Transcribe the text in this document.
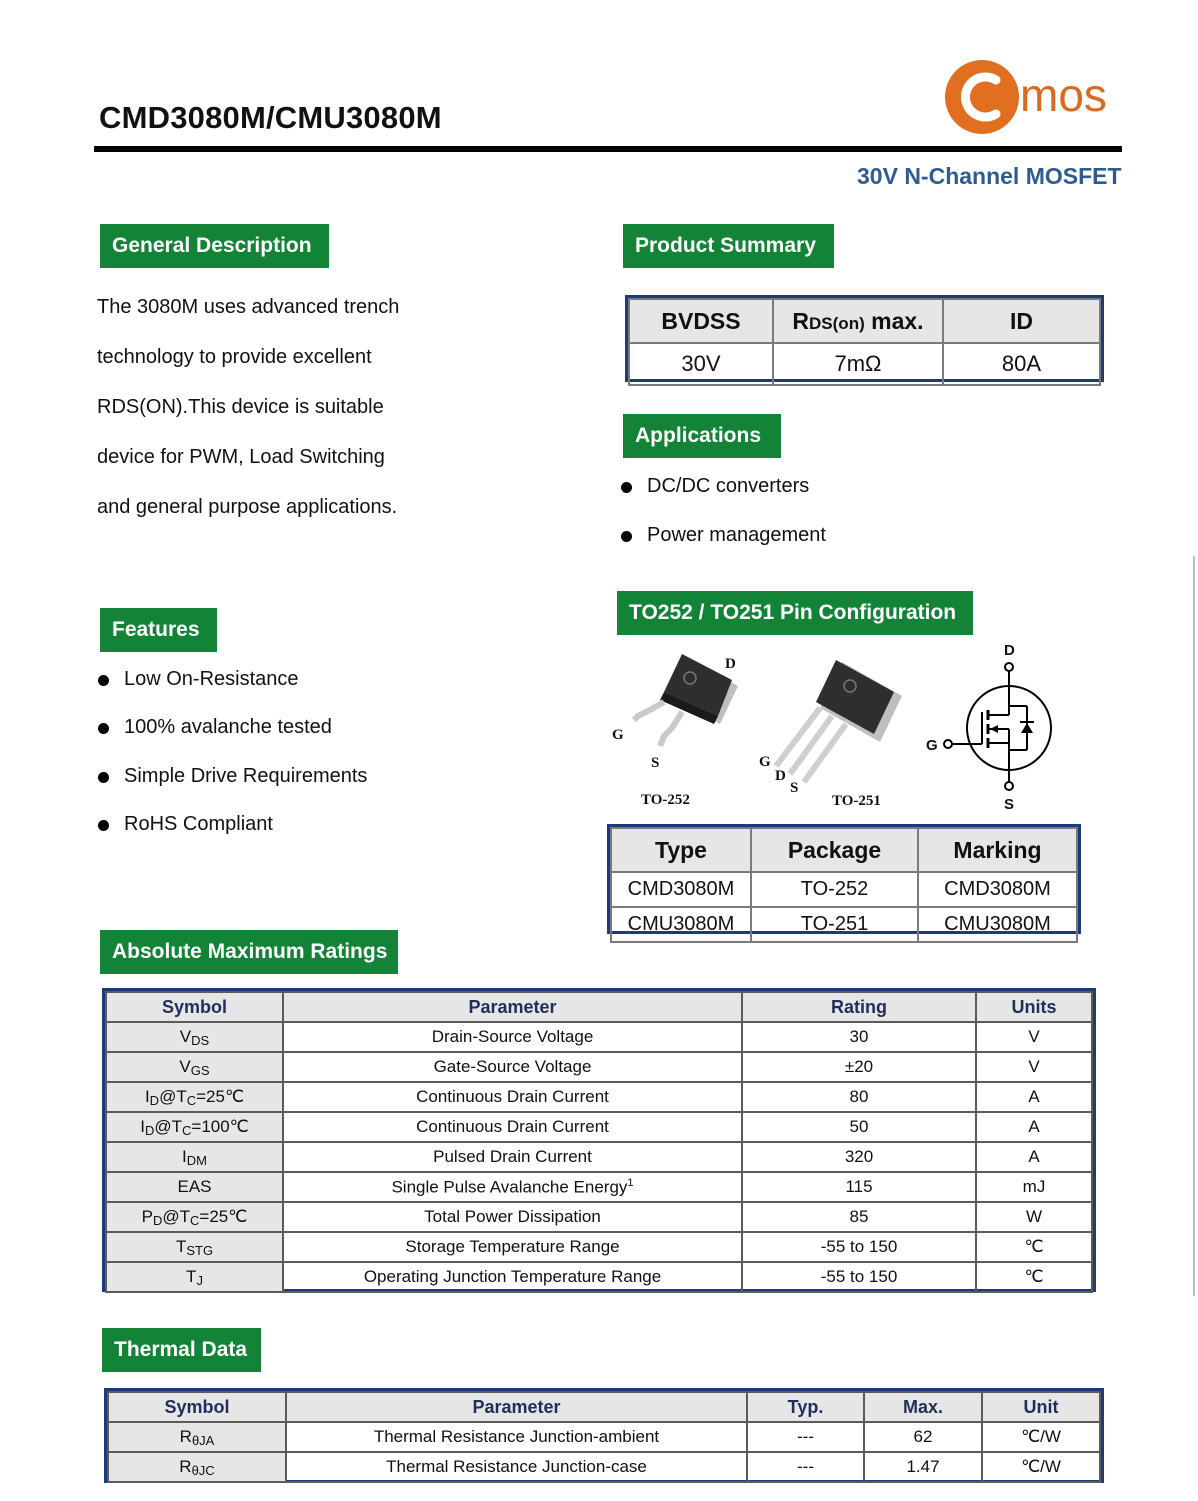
CMD3080M/CMU3080M
30V N-Channel MOSFET
mos
General Description
The 3080M uses advanced trench
technology to provide excellent
RDS(ON).This device is suitable
device for PWM, Load Switching
and general purpose applications.
Product Summary
BVDSS	RDS(on) max.	ID
30V	7mΩ	80A
Applications
DC/DC converters
Power management
Features
Low On-Resistance
100% avalanche tested
Simple Drive Requirements
RoHS Compliant
TO252 / TO251 Pin Configuration
D
G
S
TO-252
G
D
S
TO-251
D
G
S
Type	Package	Marking
CMD3080M	TO-252	CMD3080M
CMU3080M	TO-251	CMU3080M
Absolute Maximum Ratings
Symbol	Parameter	Rating	Units
$V_{DS}$	Drain-Source Voltage	30	V
$V_{GS}$	Gate-Source Voltage	±20	V
$I_D@T_C=25℃$	Continuous Drain Current	80	A
$I_D@T_C=100℃$	Continuous Drain Current	50	A
$I_{DM}$	Pulsed Drain Current	320	A
EAS	Single Pulse Avalanche Energy$^1$	115	mJ
$P_D@T_C=25℃$	Total Power Dissipation	85	W
$T_{STG}$	Storage Temperature Range	-55 to 150	℃
$T_J$	Operating Junction Temperature Range	-55 to 150	℃
Thermal Data
Symbol	Parameter	Typ.	Max.	Unit
$R_{\theta JA}$	Thermal Resistance Junction-ambient	---	62	℃/W
$R_{\theta JC}$	Thermal Resistance Junction-case	---	1.47	℃/W
